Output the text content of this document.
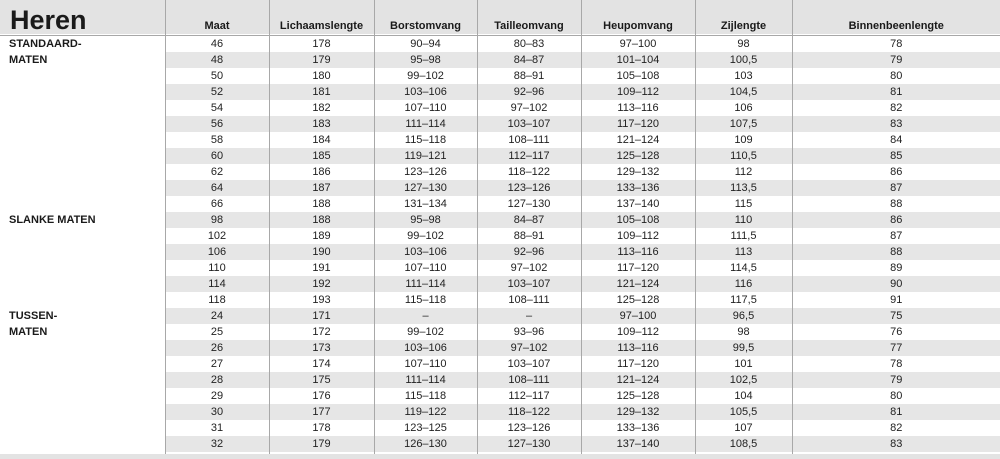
	Maat	Lichaamslengte	Borstomvang	Tailleomvang	Heupomvang	Zijlengte	Binnenbeenlengte
STANDAARD-	46	178	90–94	80–83	97–100	98	78
MATEN	48	179	95–98	84–87	101–104	100,5	79
	50	180	99–102	88–91	105–108	103	80
	52	181	103–106	92–96	109–112	104,5	81
	54	182	107–110	97–102	113–116	106	82
	56	183	111–114	103–107	117–120	107,5	83
	58	184	115–118	108–111	121–124	109	84
	60	185	119–121	112–117	125–128	110,5	85
	62	186	123–126	118–122	129–132	112	86
	64	187	127–130	123–126	133–136	113,5	87
	66	188	131–134	127–130	137–140	115	88
SLANKE MATEN	98	188	95–98	84–87	105–108	110	86
	102	189	99–102	88–91	109–112	111,5	87
	106	190	103–106	92–96	113–116	113	88
	110	191	107–110	97–102	117–120	114,5	89
	114	192	111–114	103–107	121–124	116	90
	118	193	115–118	108–111	125–128	117,5	91
TUSSEN-	24	171	–	–	97–100	96,5	75
MATEN	25	172	99–102	93–96	109–112	98	76
	26	173	103–106	97–102	113–116	99,5	77
	27	174	107–110	103–107	117–120	101	78
	28	175	111–114	108–111	121–124	102,5	79
	29	176	115–118	112–117	125–128	104	80
	30	177	119–122	118–122	129–132	105,5	81
	31	178	123–125	123–126	133–136	107	82
	32	179	126–130	127–130	137–140	108,5	83

Heren
